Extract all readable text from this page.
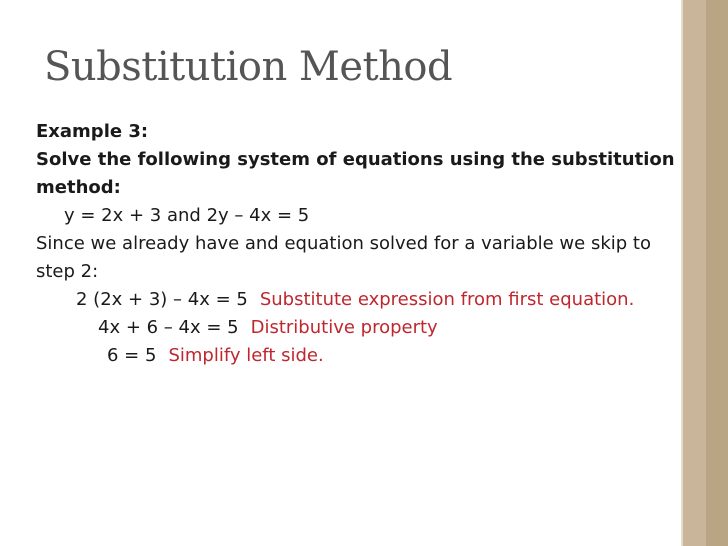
Substitution Method
Example 3:
Solve the following system of equations using the substitution method:
y = 2x + 3 and 2y – 4x = 5
Since we already have and equation solved for a variable we skip to step 2:
2 (2x + 3) – 4x = 5 Substitute expression from first equation.
4x + 6 – 4x = 5 Distributive property
6 = 5 Simplify left side.
